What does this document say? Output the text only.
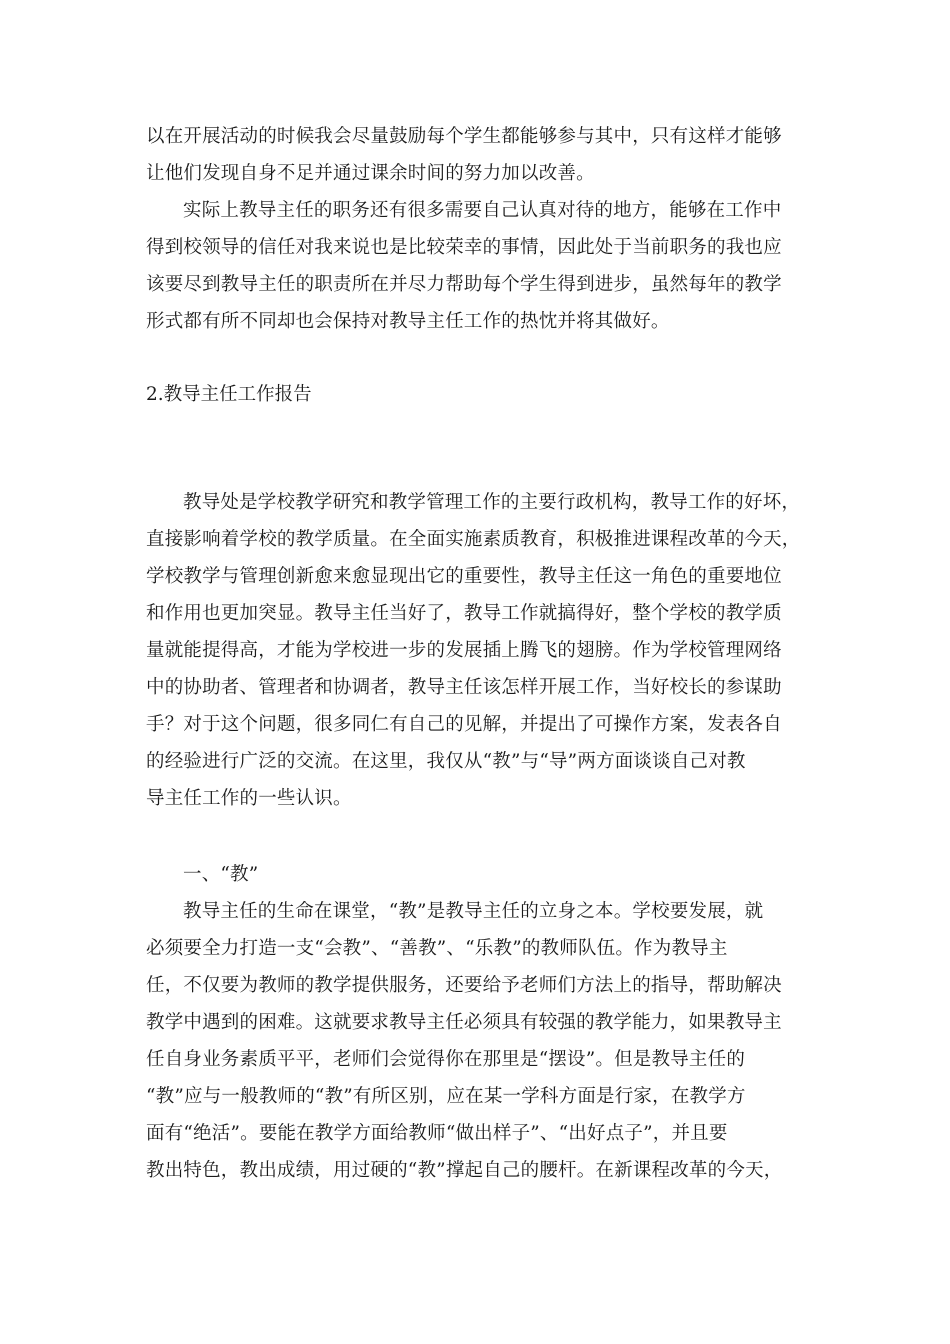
以在开展活动的时候我会尽量鼓励每个学生都能够参与其中，只有这样才能够

让他们发现自身不足并通过课余时间的努力加以改善。

实际上教导主任的职务还有很多需要自己认真对待的地方，能够在工作中

得到校领导的信任对我来说也是比较荣幸的事情，因此处于当前职务的我也应

该要尽到教导主任的职责所在并尽力帮助每个学生得到进步，虽然每年的教学

形式都有所不同却也会保持对教导主任工作的热忱并将其做好。

2.教导主任工作报告

教导处是学校教学研究和教学管理工作的主要行政机构，教导工作的好坏，

直接影响着学校的教学质量。在全面实施素质教育，积极推进课程改革的今天，

学校教学与管理创新愈来愈显现出它的重要性，教导主任这一角色的重要地位

和作用也更加突显。教导主任当好了，教导工作就搞得好，整个学校的教学质

量就能提得高，才能为学校进一步的发展插上腾飞的翅膀。作为学校管理网络

中的协助者、管理者和协调者，教导主任该怎样开展工作，当好校长的参谋助

手？对于这个问题，很多同仁有自己的见解，并提出了可操作方案，发表各自

的经验进行广泛的交流。在这里，我仅从“教”与“导”两方面谈谈自己对教

导主任工作的一些认识。

一、“教”

教导主任的生命在课堂，“教”是教导主任的立身之本。学校要发展，就

必须要全力打造一支“会教”、“善教”、“乐教”的教师队伍。作为教导主

任，不仅要为教师的教学提供服务，还要给予老师们方法上的指导，帮助解决

教学中遇到的困难。这就要求教导主任必须具有较强的教学能力，如果教导主

任自身业务素质平平，老师们会觉得你在那里是“摆设”。但是教导主任的

“教”应与一般教师的“教”有所区别，应在某一学科方面是行家，在教学方

面有“绝活”。要能在教学方面给教师“做出样子”、“出好点子”，并且要

教出特色，教出成绩，用过硬的“教”撑起自己的腰杆。在新课程改革的今天，
